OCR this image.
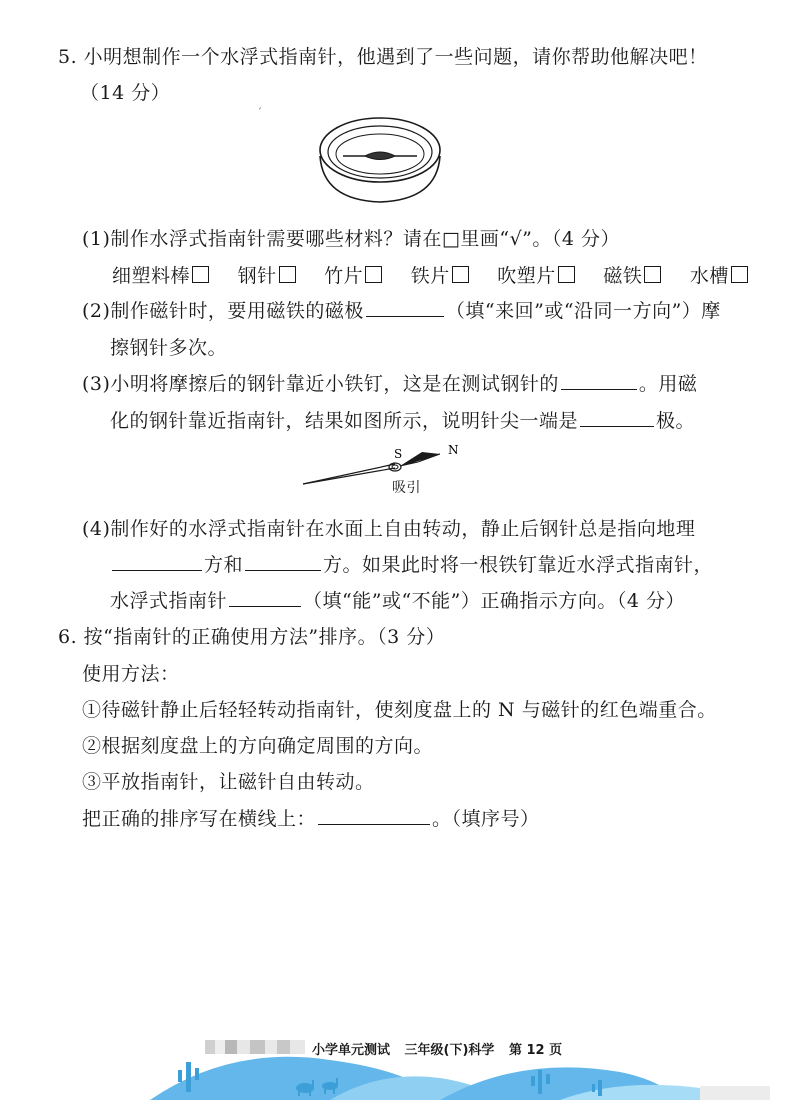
5. 小明想制作一个水浮式指南针，他遇到了一些问题，请你帮助他解决吧！
（14 分）
ˊ
(1)制作水浮式指南针需要哪些材料？请在□里画“√”。（4 分）
细塑料棒	钢针	竹片	铁片	吹塑片	磁铁	水槽
(2)制作磁针时，要用磁铁的磁极	（填“来回”或“沿同一方向”）摩
擦钢针多次。
(3)小明将摩擦后的钢针靠近小铁钉，这是在测试钢针的	。用磁
化的钢针靠近指南针，结果如图所示，说明针尖一端是	极。
S	N
吸引
(4)制作好的水浮式指南针在水面上自由转动，静止后钢针总是指向地理
方和	方。如果此时将一根铁钉靠近水浮式指南针，
水浮式指南针	（填“能”或“不能”）正确指示方向。（4 分）
6. 按“指南针的正确使用方法”排序。（3 分）
使用方法：
①待磁针静止后轻轻转动指南针，使刻度盘上的 N 与磁针的红色端重合。
②根据刻度盘上的方向确定周围的方向。
③平放指南针，让磁针自由转动。
把正确的排序写在横线上：	。（填序号）
小学单元测试 三年级(下)科学 第 12 页
